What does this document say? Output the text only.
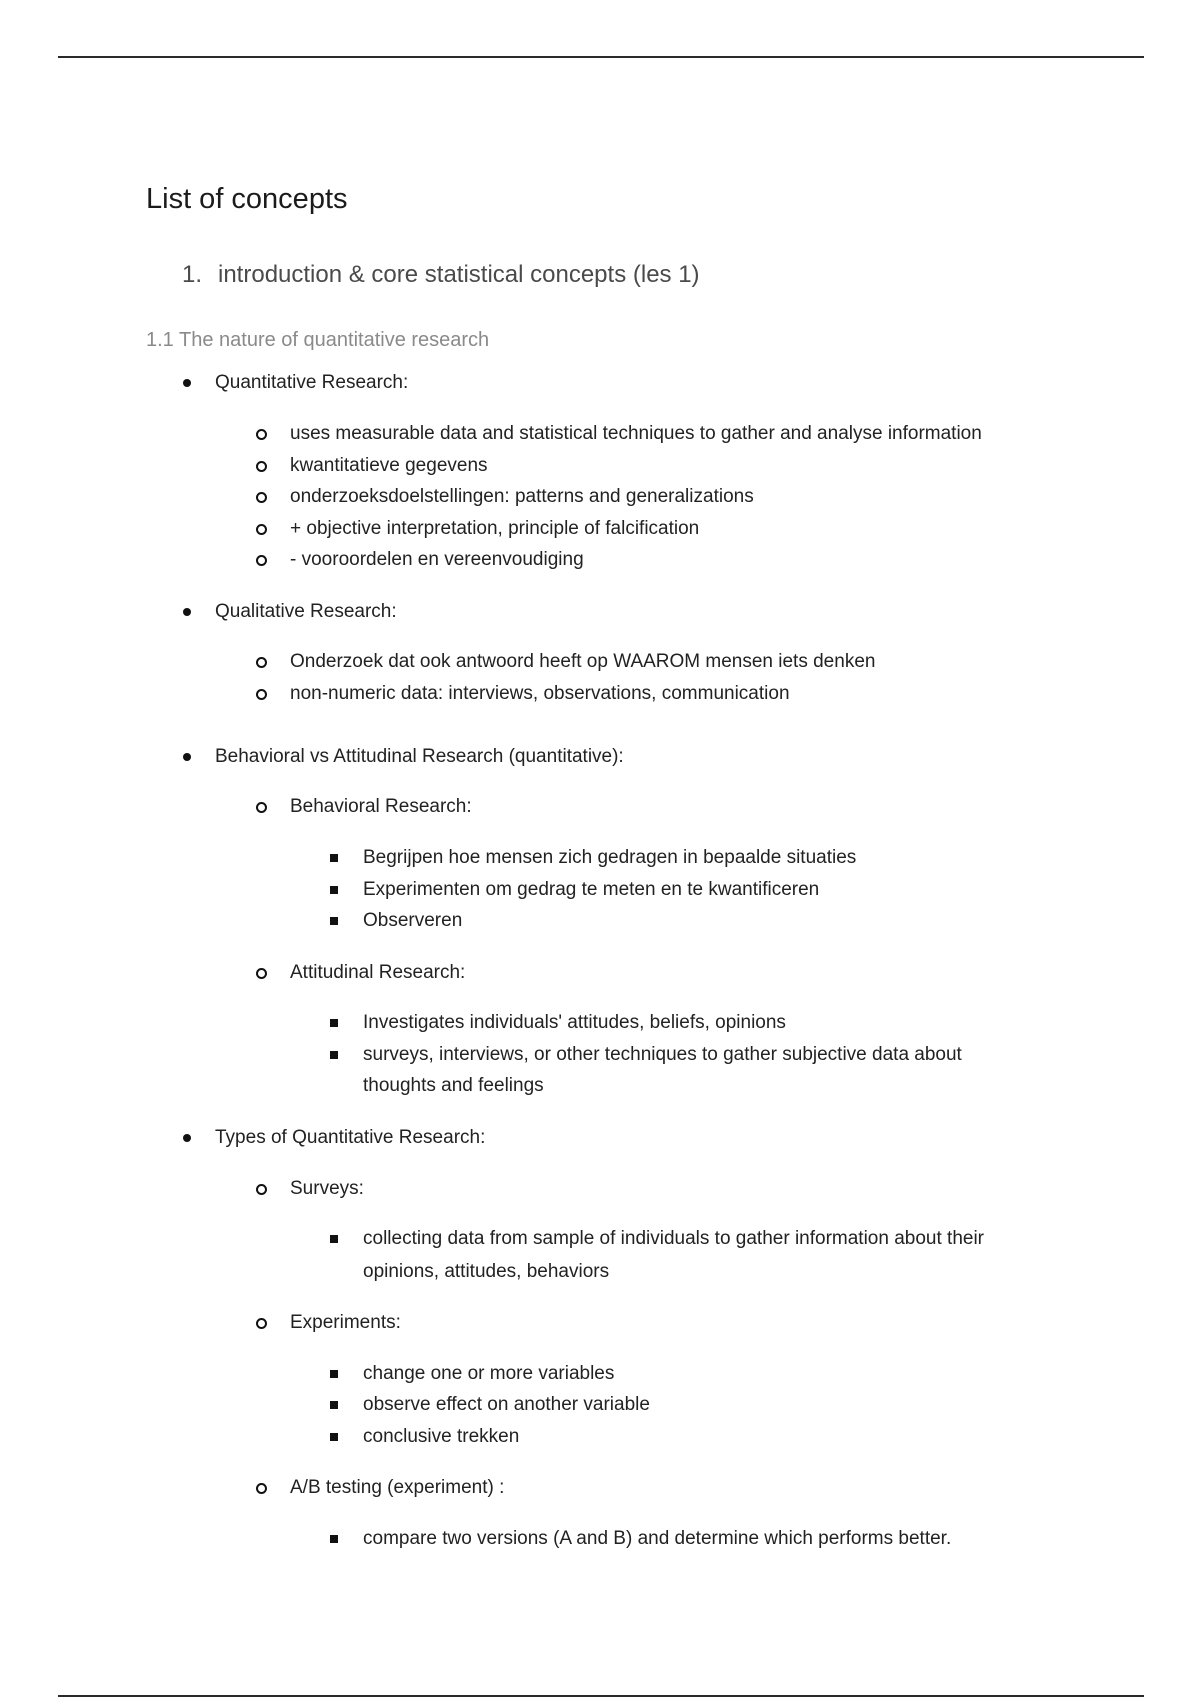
List of concepts
1. introduction & core statistical concepts (les 1)
1.1 The nature of quantitative research
Quantitative Research:
uses measurable data and statistical techniques to gather and analyse information
kwantitatieve gegevens
onderzoeksdoelstellingen: patterns and generalizations
+ objective interpretation, principle of falcification
- vooroordelen en vereenvoudiging
Qualitative Research:
Onderzoek dat ook antwoord heeft op WAAROM mensen iets denken
non-numeric data: interviews, observations, communication
Behavioral vs Attitudinal Research (quantitative):
Behavioral Research:
Begrijpen hoe mensen zich gedragen in bepaalde situaties
Experimenten om gedrag te meten en te kwantificeren
Observeren
Attitudinal Research:
Investigates individuals' attitudes, beliefs, opinions
surveys, interviews, or other techniques to gather subjective data about
thoughts and feelings
Types of Quantitative Research:
Surveys:
collecting data from sample of individuals to gather information about their
opinions, attitudes, behaviors
Experiments:
change one or more variables
observe effect on another variable
conclusive trekken
A/B testing (experiment) :
compare two versions (A and B) and determine which performs better.
